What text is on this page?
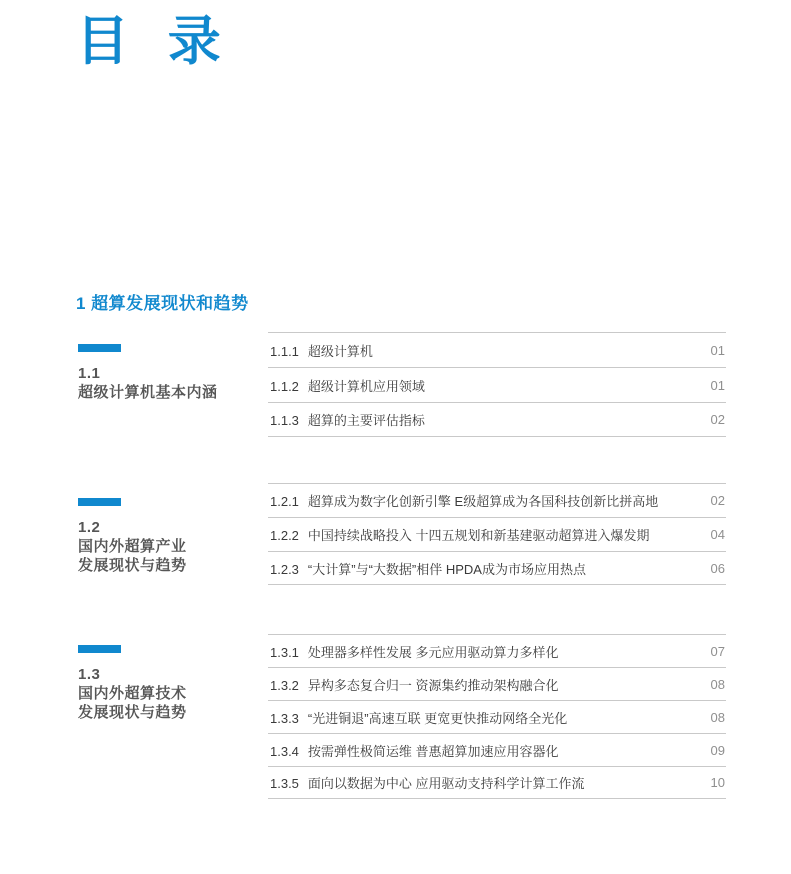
目 录
1 超算发展现状和趋势
1.1
超级计算机基本内涵
1.1.1 超级计算机	01
1.1.2 超级计算机应用领域	01
1.1.3 超算的主要评估指标	02
1.2
国内外超算产业
发展现状与趋势
1.2.1 超算成为数字化创新引擎 E级超算成为各国科技创新比拼高地	02
1.2.2 中国持续战略投入 十四五规划和新基建驱动超算进入爆发期	04
1.2.3 “大计算”与“大数据”相伴 HPDA成为市场应用热点	06
1.3
国内外超算技术
发展现状与趋势
1.3.1 处理器多样性发展 多元应用驱动算力多样化	07
1.3.2 异构多态复合归一 资源集约推动架构融合化	08
1.3.3 “光进铜退”高速互联 更宽更快推动网络全光化	08
1.3.4 按需弹性极简运维 普惠超算加速应用容器化	09
1.3.5 面向以数据为中心 应用驱动支持科学计算工作流	10
